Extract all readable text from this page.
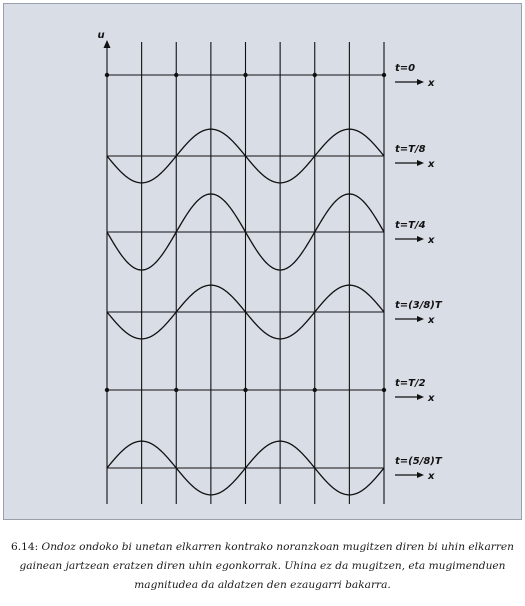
u
t=0
x
t=T/8
x
t=T/4
x
t=(3/8)T
x
t=T/2
x
t=(5/8)T
x
6.14: Ondoz ondoko bi unetan elkarren kontrako noranzkoan mugitzen diren bi uhin elkarren gainean jartzean eratzen diren uhin egonkorrak. Uhina ez da mugitzen, eta mugimenduen magnitudea da aldatzen den ezaugarri bakarra.
